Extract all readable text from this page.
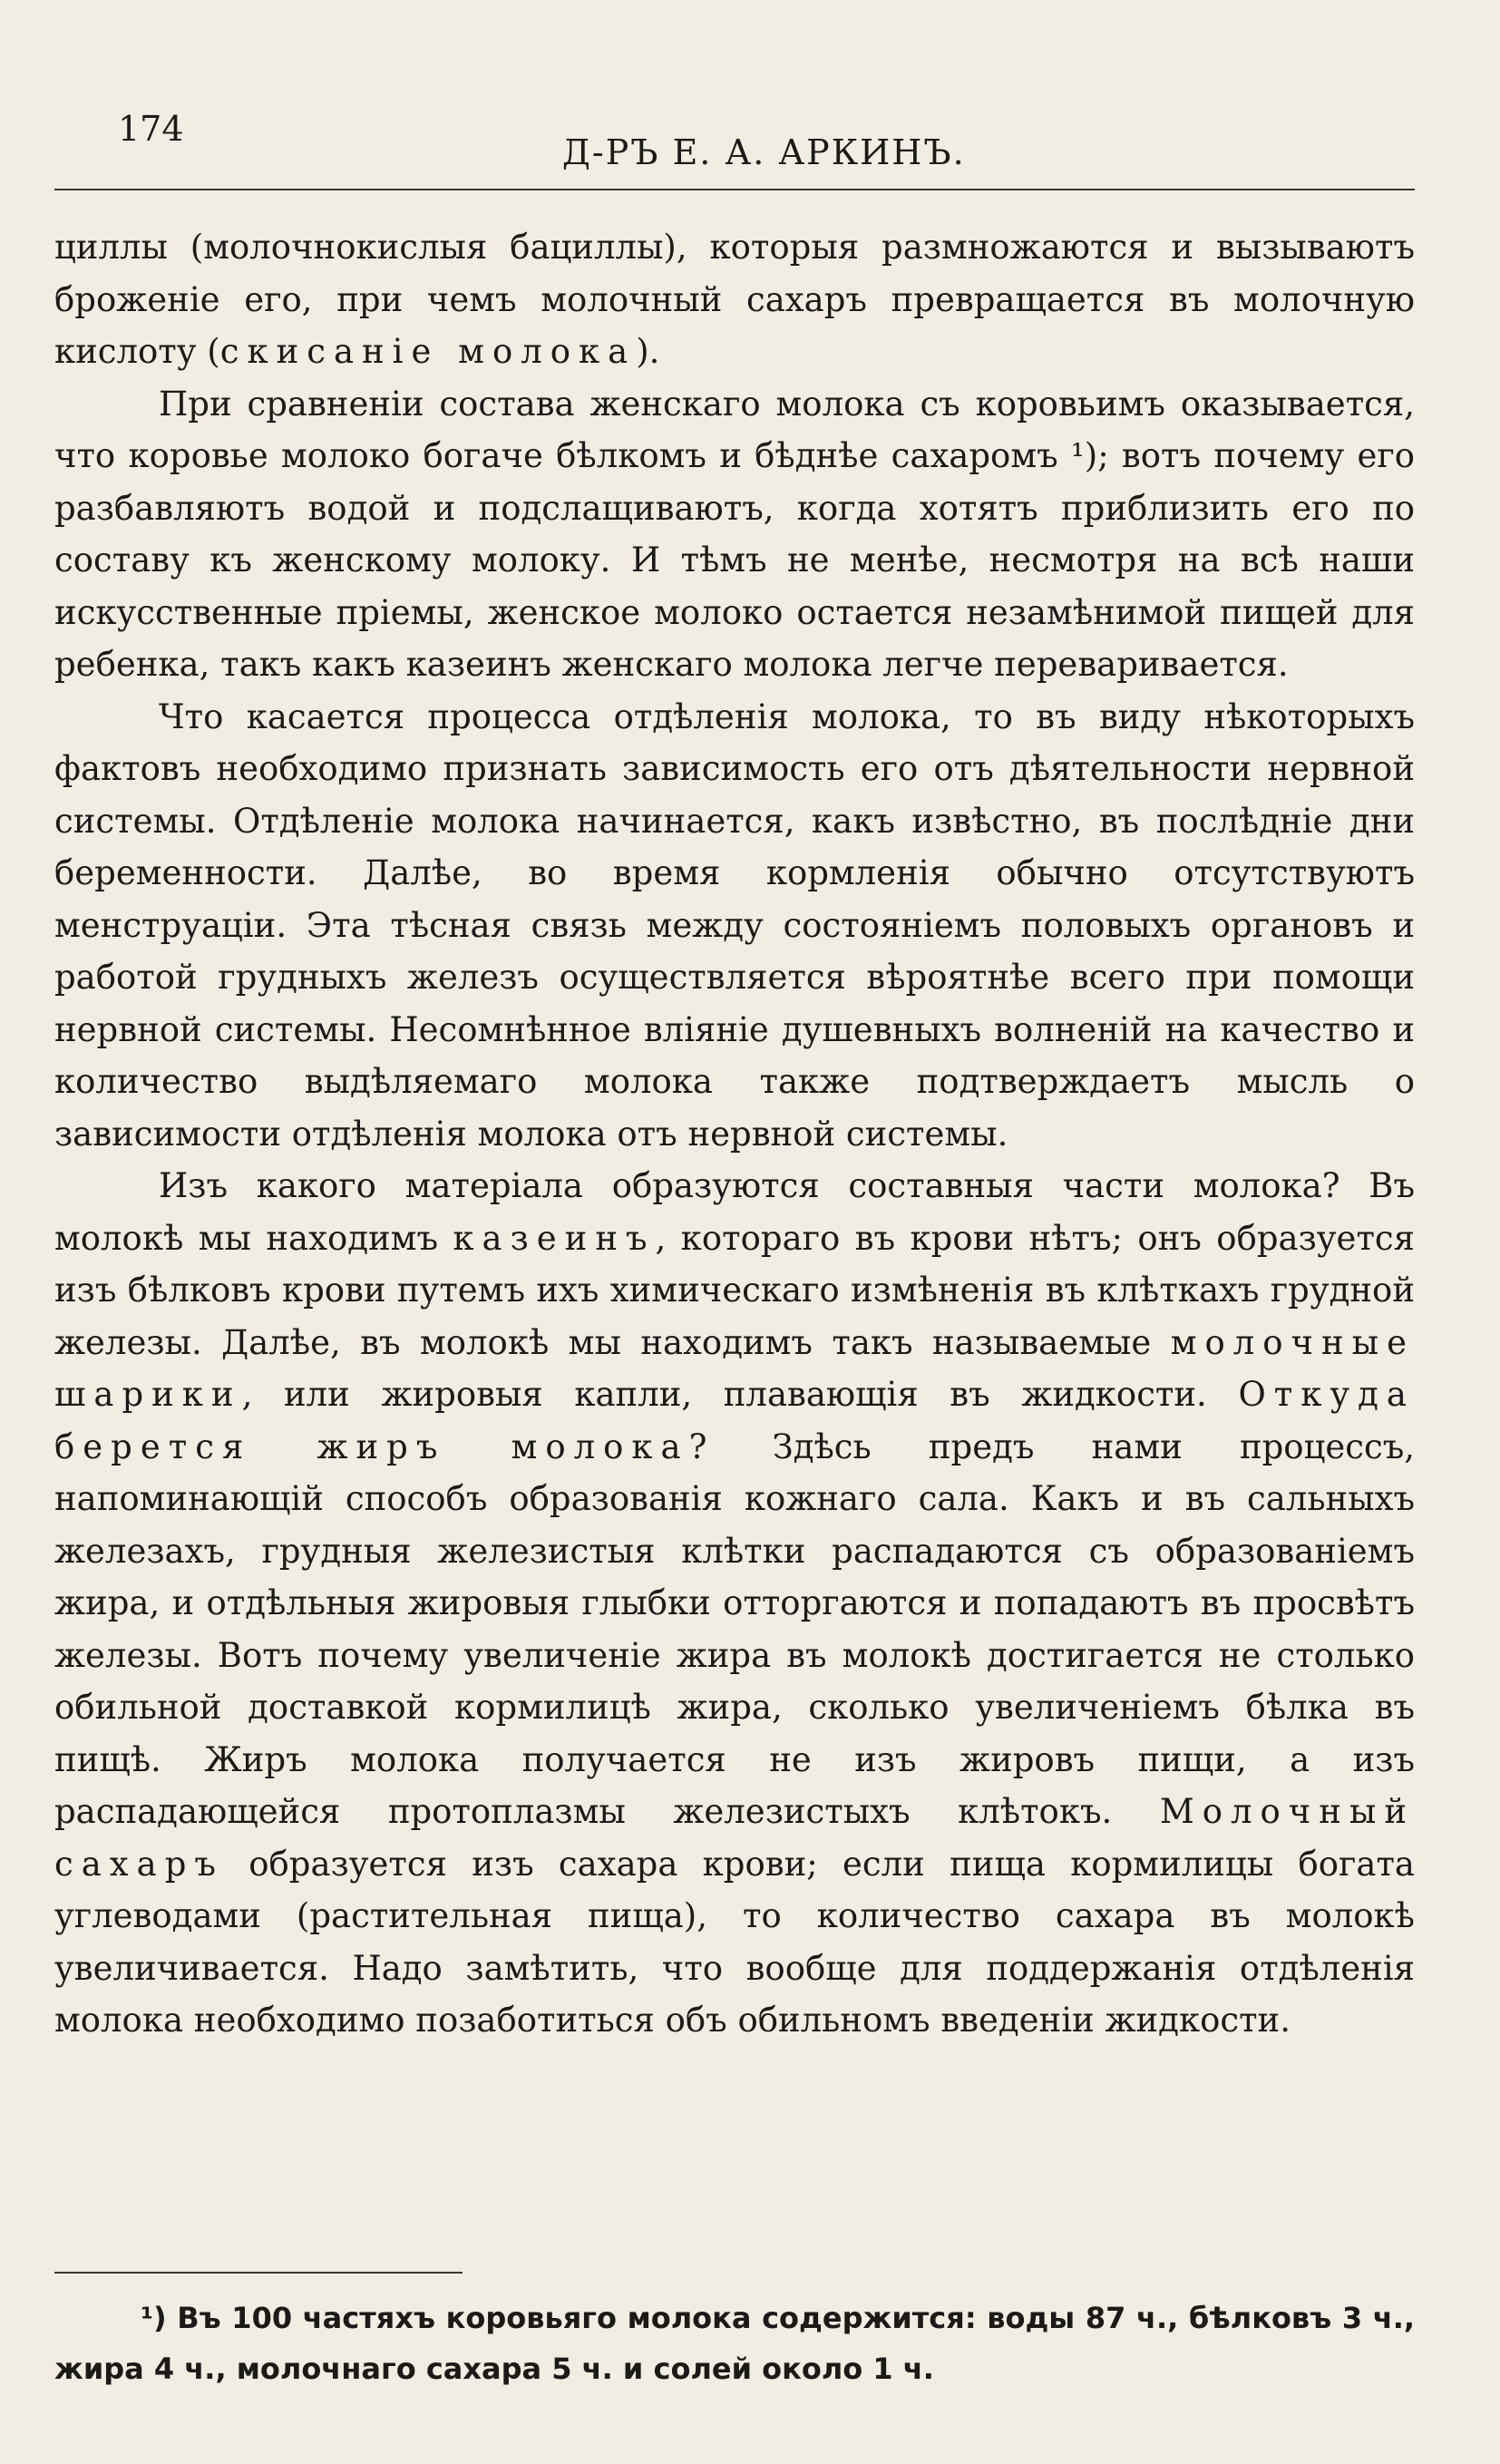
174
Д-РЪ Е. А. АРКИНЪ.

циллы (молочнокислыя бациллы), которыя размножаются и вызываютъ броженіе его, при чемъ молочный сахаръ превращается въ молочную кислоту (скисаніе молока).

При сравненіи состава женскаго молока съ коровьимъ оказывается, что коровье молоко богаче бѣлкомъ и бѣднѣе сахаромъ ¹); вотъ почему его разбавляютъ водой и подслащиваютъ, когда хотятъ приблизить его по составу къ женскому молоку. И тѣмъ не менѣе, несмотря на всѣ наши искусственные пріемы, женское молоко остается незамѣнимой пищей для ребенка, такъ какъ казеинъ женскаго молока легче переваривается.

Что касается процесса отдѣленія молока, то въ виду нѣкоторыхъ фактовъ необходимо признать зависимость его отъ дѣятельности нервной системы. Отдѣленіе молока начинается, какъ извѣстно, въ послѣдніе дни беременности. Далѣе, во время кормленія обычно отсутствуютъ менструаціи. Эта тѣсная связь между состояніемъ половыхъ органовъ и работой грудныхъ железъ осуществляется вѣроятнѣе всего при помощи нервной системы. Несомнѣнное вліяніе душевныхъ волненій на качество и количество выдѣляемаго молока также подтверждаетъ мысль о зависимости отдѣленія молока отъ нервной системы.

Изъ какого матеріала образуются составныя части молока? Въ молокѣ мы находимъ казеинъ, котораго въ крови нѣтъ; онъ образуется изъ бѣлковъ крови путемъ ихъ химическаго измѣненія въ клѣткахъ грудной железы. Далѣе, въ молокѣ мы находимъ такъ называемые молочные шарики, или жировыя капли, плавающія въ жидкости. Откуда берется жиръ молока? Здѣсь предъ нами процессъ, напоминающій способъ образованія кожнаго сала. Какъ и въ сальныхъ железахъ, грудныя железистыя клѣтки распадаются съ образованіемъ жира, и отдѣльныя жировыя глыбки отторгаются и попадаютъ въ просвѣтъ железы. Вотъ почему увеличеніе жира въ молокѣ достигается не столько обильной доставкой кормилицѣ жира, сколько увеличеніемъ бѣлка въ пищѣ. Жиръ молока получается не изъ жировъ пищи, а изъ распадающейся протоплазмы железистыхъ клѣтокъ. Молочный сахаръ образуется изъ сахара крови; если пища кормилицы богата углеводами (растительная пища), то количество сахара въ молокѣ увеличивается. Надо замѣтить, что вообще для поддержанія отдѣленія молока необходимо позаботиться объ обильномъ введеніи жидкости.

¹) Въ 100 частяхъ коровьяго молока содержится: воды 87 ч., бѣлковъ 3 ч., жира 4 ч., молочнаго сахара 5 ч. и солей около 1 ч.
